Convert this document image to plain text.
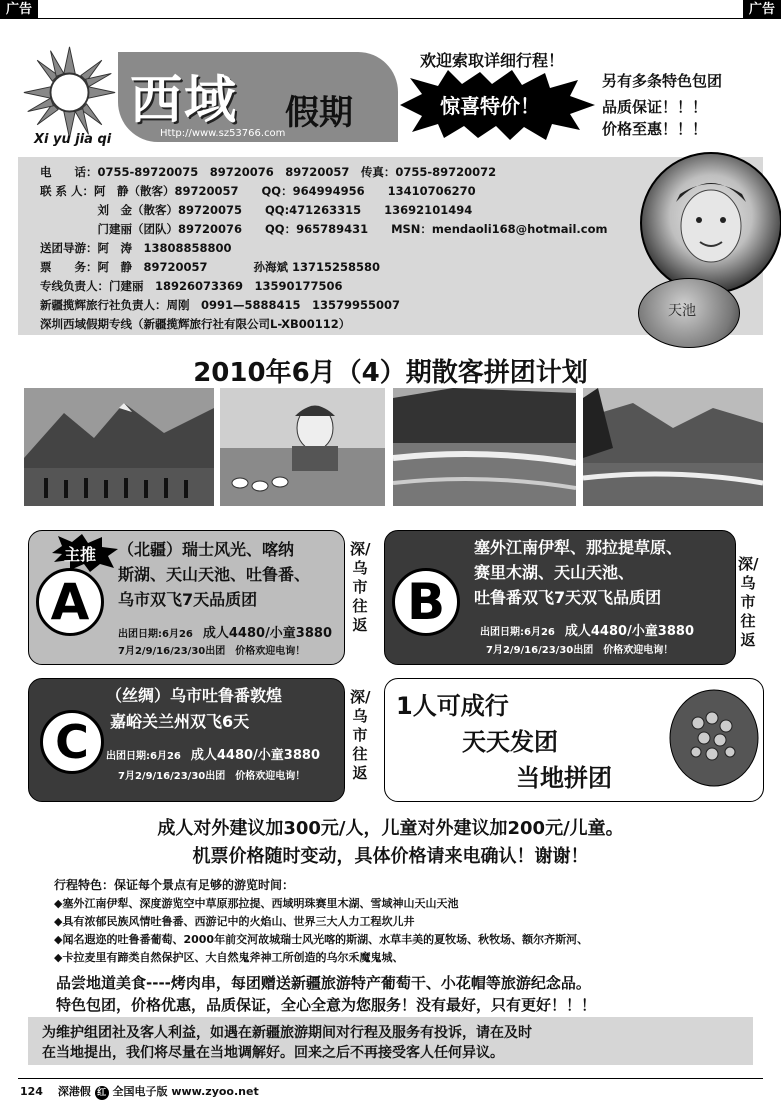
广告	广告
西域 假期
Http://www.sz53766.com
Xi yu jia qi
欢迎索取详细行程！
惊喜特价！
另有多条特色包团
品质保证！！！
价格至惠！！！
电　　话：0755-89720075　89720076　89720057　传真：0755-89720072
联 系 人：阿　静（散客）89720057　　QQ：964994956　　13410706270
　　　　　刘　金（散客）89720075　　QQ:471263315　　13692101494
　　　　　门建丽（团队）89720076　　QQ：965789431　　MSN：mendaoli168@hotmail.com
送团导游：阿　涛　13808858800
票　　务：阿　静　89720057　　　　孙海斌 13715258580
专线负责人：门建丽　18926073369　13590177506
新疆揽辉旅行社负责人：周刚　0991—5888415　13579955007
深圳西域假期专线（新疆揽辉旅行社有限公司L-XB00112）
天池
2010年6月（4）期散客拼团计划
主推
A
（北疆）瑞士风光、喀纳
斯湖、天山天池、吐鲁番、
乌市双飞7天品质团
出团日期:6月26　 成人4480/小童3880
7月2/9/16/23/30出团　价格欢迎电询！
深/乌市往返 B
塞外江南伊犁、那拉提草原、
赛里木湖、天山天池、
吐鲁番双飞7天双飞品质团
出团日期:6月26　 成人4480/小童3880
7月2/9/16/23/30出团　价格欢迎电询！
深/乌市往返
C
（丝绸）乌市吐鲁番敦煌
嘉峪关兰州双飞6天
出团日期:6月26　 成人4480/小童3880
7月2/9/16/23/30出团　价格欢迎电询！
深/乌市往返
1人可成行
天天发团
当地拼团
成人对外建议加300元/人，儿童对外建议加200元/儿童。
机票价格随时变动，具体价格请来电确认！谢谢！
行程特色：保证每个景点有足够的游览时间：
◆塞外江南伊犁、深度游览空中草原那拉提、西域明珠赛里木湖、雪域神山天山天池
◆具有浓郁民族风情吐鲁番、西游记中的火焰山、世界三大人力工程坎儿井
◆闻名遐迩的吐鲁番葡萄、2000年前交河故城瑞士风光喀的斯湖、水草丰美的夏牧场、秋牧场、额尔齐斯河、
◆卡拉麦里有蹄类自然保护区、大自然鬼斧神工所创造的乌尔禾魔鬼城、
品尝地道美食----烤肉串，每团赠送新疆旅游特产葡萄干、小花帽等旅游纪念品。
特色包团，价格优惠，品质保证，全心全意为您服务！没有最好，只有更好！！！
为维护组团社及客人利益，如遇在新疆旅游期间对行程及服务有投诉，请在及时
在当地提出，我们将尽量在当地调解好。回来之后不再接受客人任何异议。
124　 深港假 红 全国电子版 www.zyoo.net
